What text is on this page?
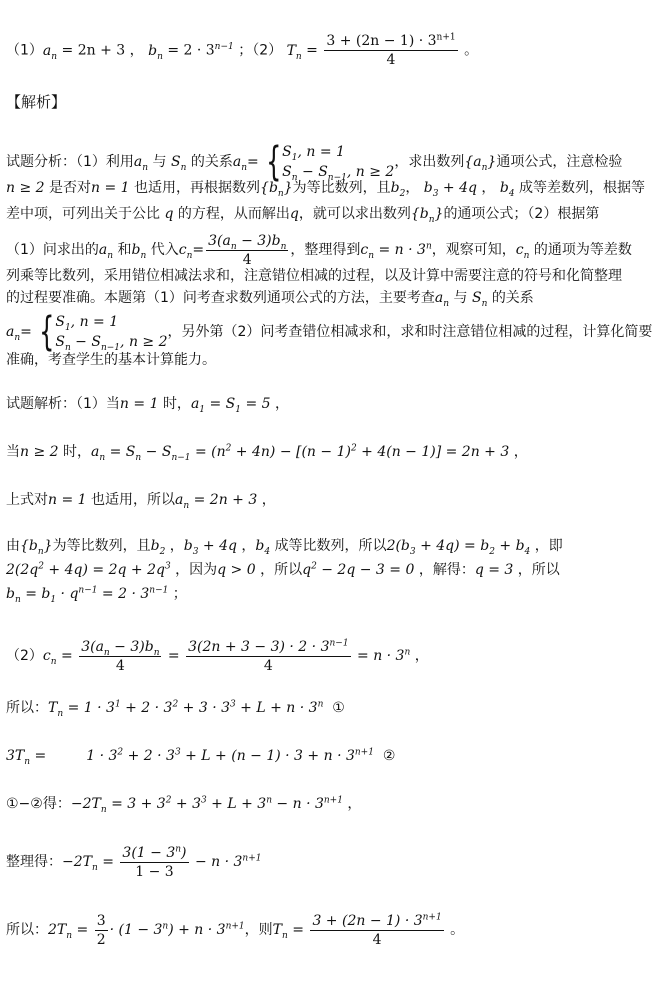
$(1)a_n = 2n + 3$ ， $b_n = 2 \cdot 3^{n-1}$ ；（2） $T_n = \frac{3 + (2n - 1) \cdot 3^{n+1}}{4}$ 。
【解析】
试题分析：（1）利用$a_n$ 与 $S_n$ 的关系$a_n=$ { $S_1$, n = 1
$S_n - S_{n-1}$, n ≥ 2
，求出数列$\{a_n\}$通项公式，注意检验
n ≥ 2 是否对n = 1 也适用，再根据数列$\{b_n\}$为等比数列，且$b_2$， $b_3 + 4q$ ， $b_4$ 成等差数列，根据等
差中项，可列出关于公比 q 的方程，从而解出q，就可以求出数列$\{b_n\}$的通项公式；（2）根据第
（1）问求出的$a_n$ 和$b_n$ 代入$c_n= \frac{3(a_n - 3)b_n}{4}$ ，整理得到$c_n = n \cdot 3^n$，观察可知，$c_n$ 的通项为等差数
列乘等比数列，采用错位相减法求和，注意错位相减的过程，以及计算中需要注意的符号和化简整理
的过程要准确。本题第（1）问考查求数列通项公式的方法，主要考查$a_n$ 与 $S_n$ 的关系
$a_n=$ { $S_1$, n = 1
$S_n - S_{n-1}$, n ≥ 2
，另外第（2）问考查错位相减求和，求和时注意错位相减的过程，计算化简要
准确，考查学生的基本计算能力。
试题解析：（1）当n = 1 时，$a_1 = S_1 = 5$ ，
当n ≥ 2 时，$a_n = S_n - S_{n-1} = (n^2 + 4n) - [(n - 1)^2 + 4(n - 1)] = 2n + 3$ ，
上式对n = 1 也适用，所以$a_n = 2n + 3$ ，
由$\{b_n\}$为等比数列，且$b_2$ ，$b_3 + 4q$ ，$b_4$ 成等比数列，所以$2(b_3 + 4q) = b_2 + b_4$ ，即
$2(2q^2 + 4q) = 2q + 2q^3$ ，因为q > 0 ，所以$q^2 - 2q - 3 = 0$ ，解得：q = 3 ，所以
$b_n = b_1 \cdot q^{n-1} = 2 \cdot 3^{n-1}$ ；
$(2)c_n = \frac{3(a_n - 3)b_n}{4} = \frac{3(2n + 3 - 3) \cdot 2 \cdot 3^{n-1}}{4} = n \cdot 3^n$ ，
所以：$T_n = 1 \cdot 3^1 + 2 \cdot 3^2 + 3 \cdot 3^3 + L + n \cdot 3^n$ ①
$3T_n$ =	$1 \cdot 3^2 + 2 \cdot 3^3 + L + (n - 1) \cdot 3 + n \cdot 3^{n+1}$ ②
①−②得：$-2T_n = 3 + 3^2 + 3^3 + L + 3^n - n \cdot 3^{n+1}$ ，
整理得：$-2T_n = \frac{3(1 - 3^n)}{1 - 3} - n \cdot 3^{n+1}$
所以：$2T_n = \frac{3}{2} \cdot (1 - 3^n) + n \cdot 3^{n+1}$，则$T_n = \frac{3 + (2n - 1) \cdot 3^{n+1}}{4}$ 。
